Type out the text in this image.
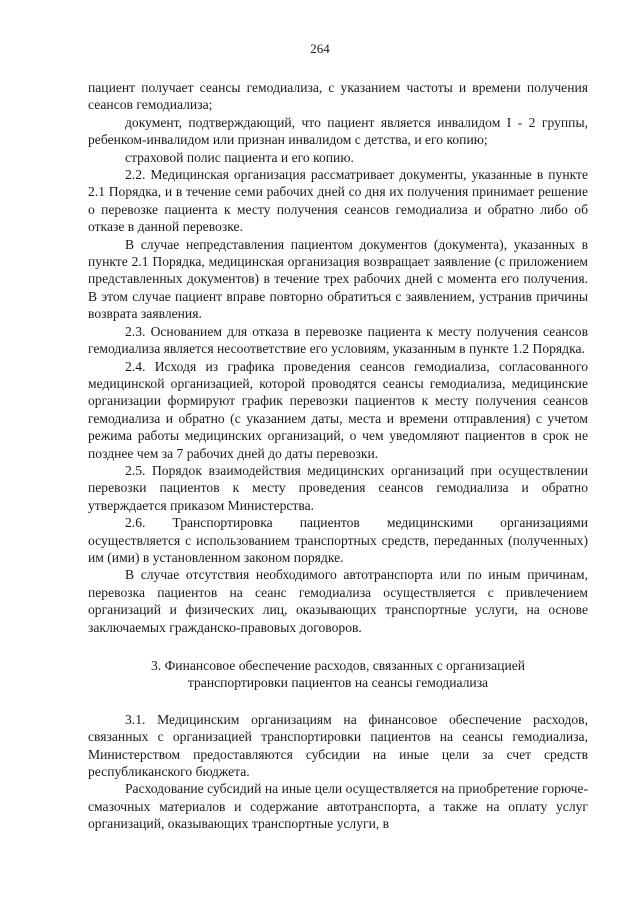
264

пациент получает сеансы гемодиализа, с указанием частоты и времени получения сеансов гемодиализа;

документ, подтверждающий, что пациент является инвалидом I - 2 группы, ребенком-инвалидом или признан инвалидом с детства, и его копию;

страховой полис пациента и его копию.

2.2. Медицинская организация рассматривает документы, указанные в пункте 2.1 Порядка, и в течение семи рабочих дней со дня их получения принимает решение о перевозке пациента к месту получения сеансов гемодиализа и обратно либо об отказе в данной перевозке.

В случае непредставления пациентом документов (документа), указанных в пункте 2.1 Порядка, медицинская организация возвращает заявление (с приложением представленных документов) в течение трех рабочих дней с момента его получения. В этом случае пациент вправе повторно обратиться с заявлением, устранив причины возврата заявления.

2.3. Основанием для отказа в перевозке пациента к месту получения сеансов гемодиализа является несоответствие его условиям, указанным в пункте 1.2 Порядка.

2.4. Исходя из графика проведения сеансов гемодиализа, согласованного медицинской организацией, которой проводятся сеансы гемодиализа, медицинские организации формируют график перевозки пациентов к месту получения сеансов гемодиализа и обратно (с указанием даты, места и времени отправления) с учетом режима работы медицинских организаций, о чем уведомляют пациентов в срок не позднее чем за 7 рабочих дней до даты перевозки.

2.5. Порядок взаимодействия медицинских организаций при осуществлении перевозки пациентов к месту проведения сеансов гемодиализа и обратно утверждается приказом Министерства.

2.6. Транспортировка пациентов медицинскими организациями осуществляется с использованием транспортных средств, переданных (полученных) им (ими) в установленном законом порядке.

В случае отсутствия необходимого автотранспорта или по иным причинам, перевозка пациентов на сеанс гемодиализа осуществляется с привлечением организаций и физических лиц, оказывающих транспортные услуги, на основе заключаемых гражданско-правовых договоров.

3. Финансовое обеспечение расходов, связанных с организацией
транспортировки пациентов на сеансы гемодиализа

3.1. Медицинским организациям на финансовое обеспечение расходов, связанных с организацией транспортировки пациентов на сеансы гемодиализа, Министерством предоставляются субсидии на иные цели за счет средств республиканского бюджета.

Расходование субсидий на иные цели осуществляется на приобретение горюче-смазочных материалов и содержание автотранспорта, а также на оплату услуг организаций, оказывающих транспортные услуги, в
